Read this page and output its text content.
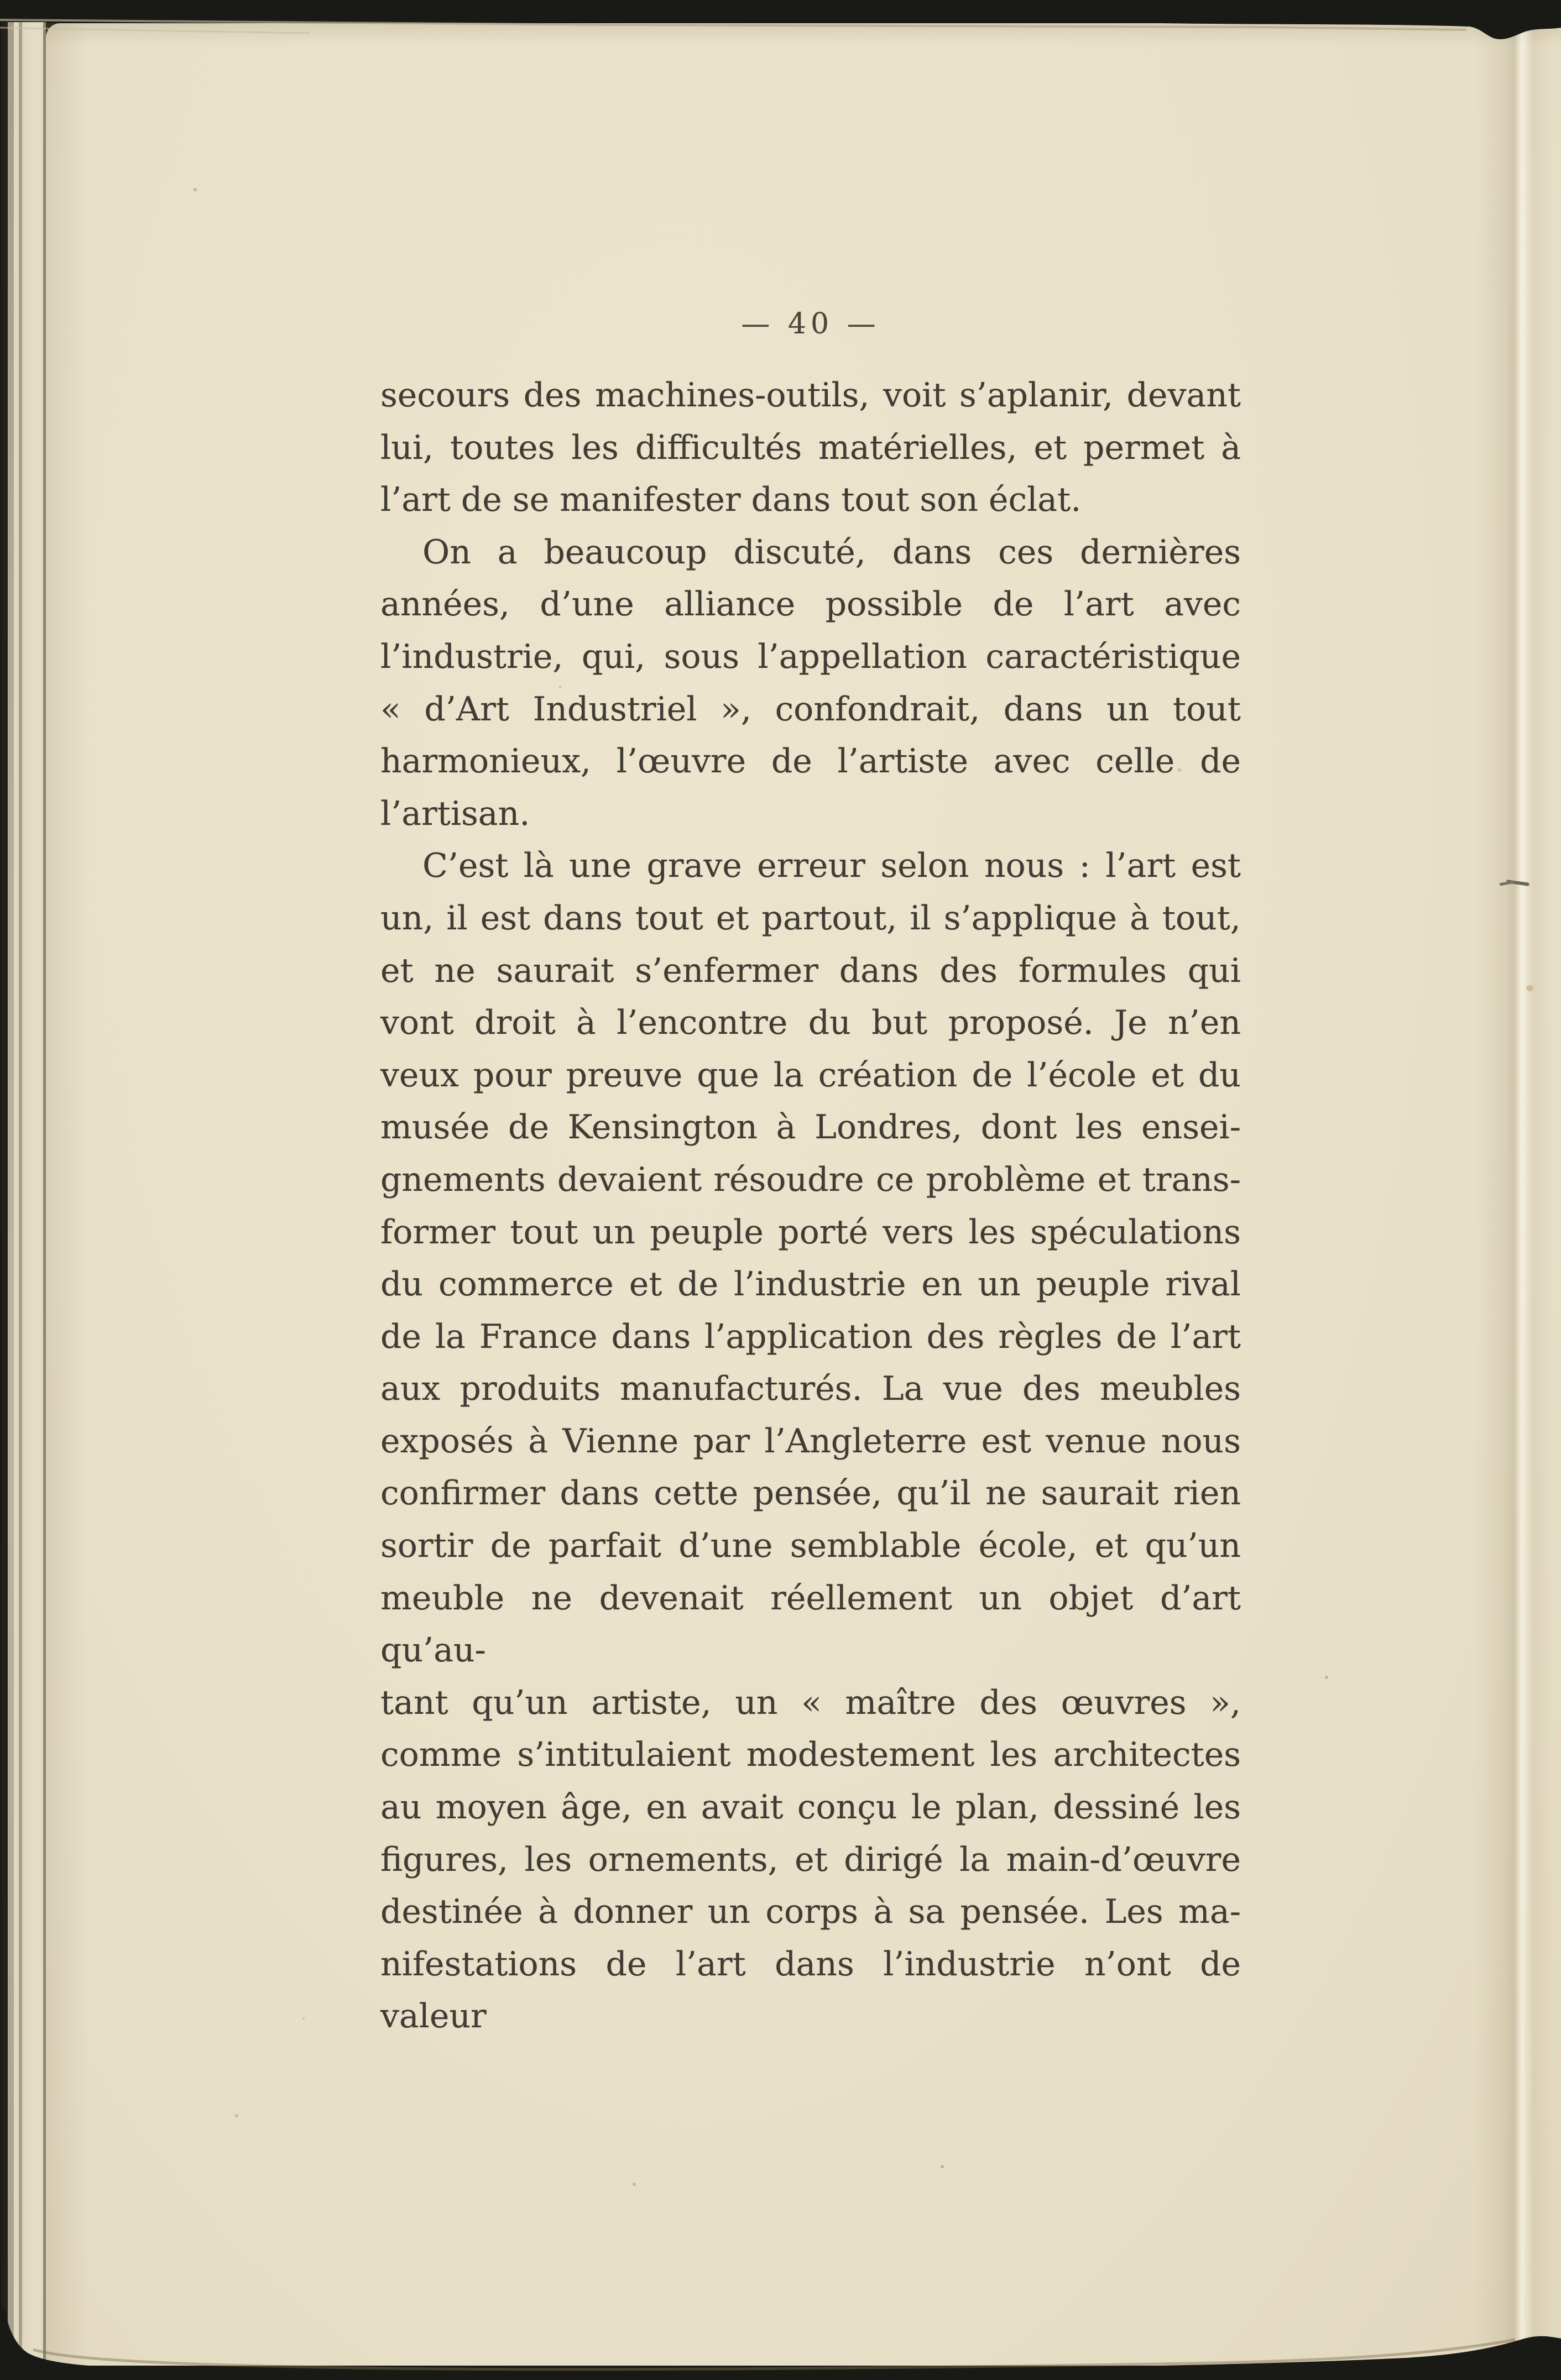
— 40 —
secours des machines-outils, voit s’aplanir, devant
lui, toutes les difficultés matérielles, et permet à
l’art de se manifester dans tout son éclat.
On a beaucoup discuté, dans ces dernières
années, d’une alliance possible de l’art avec
l’industrie, qui, sous l’appellation caractéristique
« d’Art Industriel », confondrait, dans un tout
harmonieux, l’œuvre de l’artiste avec celle de
l’artisan.
C’est là une grave erreur selon nous : l’art est
un, il est dans tout et partout, il s’applique à tout,
et ne saurait s’enfermer dans des formules qui
vont droit à l’encontre du but proposé. Je n’en
veux pour preuve que la création de l’école et du
musée de Kensington à Londres, dont les ensei-
gnements devaient résoudre ce problème et trans-
former tout un peuple porté vers les spéculations
du commerce et de l’industrie en un peuple rival
de la France dans l’application des règles de l’art
aux produits manufacturés. La vue des meubles
exposés à Vienne par l’Angleterre est venue nous
confirmer dans cette pensée, qu’il ne saurait rien
sortir de parfait d’une semblable école, et qu’un
meuble ne devenait réellement un objet d’art qu’au-
tant qu’un artiste, un « maître des œuvres »,
comme s’intitulaient modestement les architectes
au moyen âge, en avait conçu le plan, dessiné les
figures, les ornements, et dirigé la main-d’œuvre
destinée à donner un corps à sa pensée. Les ma-
nifestations de l’art dans l’industrie n’ont de valeur
